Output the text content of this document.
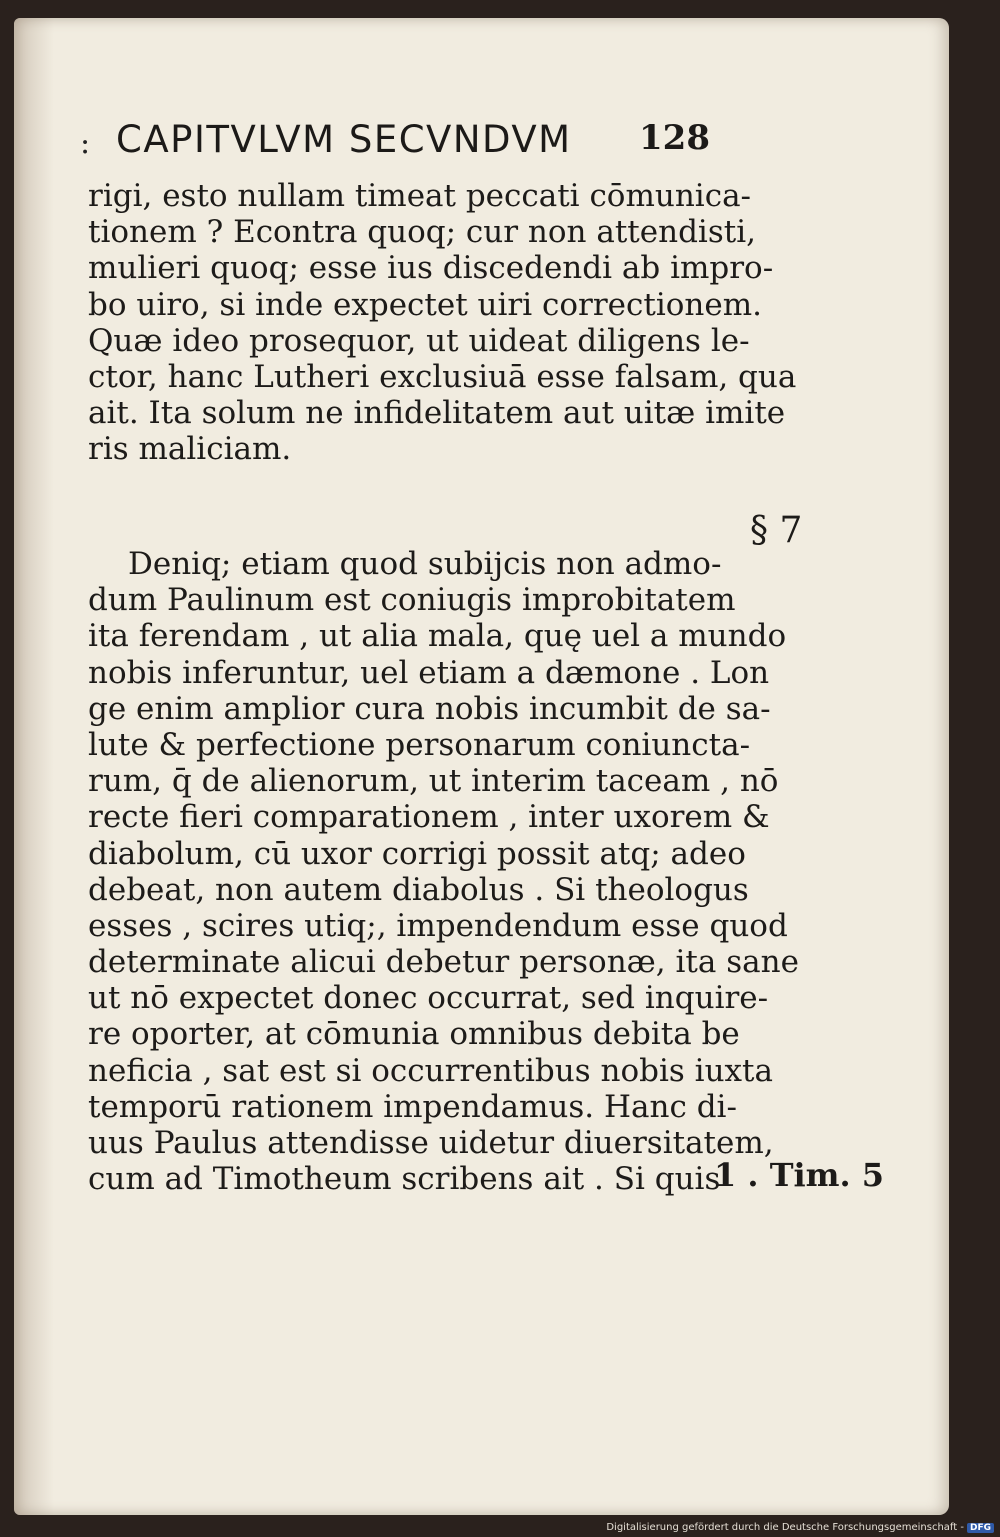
: CAPITVLVM SECVNDVM 128
rigi, esto nullam timeat peccati cōmunica-
tionem ? Econtra quoq; cur non attendisti,
mulieri quoq; esse ius discedendi ab impro-
bo uiro, si inde expectet uiri correctionem.
Quæ ideo prosequor, ut uideat diligens le-
ctor, hanc Lutheri exclusiuā esse falsam, qua
ait. Ita solum ne infidelitatem aut uitæ imite
ris maliciam.
Deniq; etiam quod subijcis non admo-
dum Paulinum est coniugis improbitatem
ita ferendam , ut alia mala, quę uel a mundo
nobis inferuntur, uel etiam a dæmone . Lon
ge enim amplior cura nobis incumbit de sa-
lute & perfectione personarum coniuncta-
rum, q̄ de alienorum, ut interim taceam , nō
recte fieri comparationem , inter uxorem &
diabolum, cū uxor corrigi possit atq; adeo
debeat, non autem diabolus . Si theologus
esses , scires utiq;, impendendum esse quod
determinate alicui debetur personæ, ita sane
ut nō expectet donec occurrat, sed inquire-
re oporter, at cōmunia omnibus debita be
neficia , sat est si occurrentibus nobis iuxta
temporū rationem impendamus. Hanc di-
uus Paulus attendisse uidetur diuersitatem,
cum ad Timotheum scribens ait . Si quis
§ 7
1 . Tim. 5
Digitalisierung gefördert durch die Deutsche Forschungsgemeinschaft - DFG
